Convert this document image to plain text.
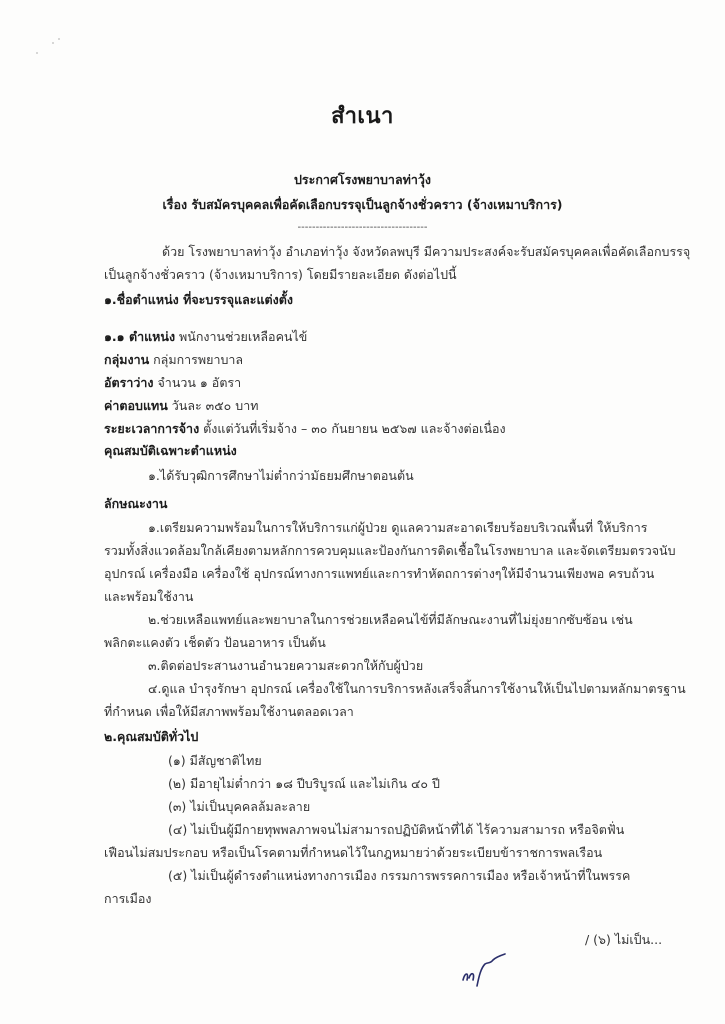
สำเนา
ประกาศโรงพยาบาลท่าวุ้ง
เรื่อง รับสมัครบุคคลเพื่อคัดเลือกบรรจุเป็นลูกจ้างชั่วคราว (จ้างเหมาบริการ)
------------------------------------
ด้วย โรงพยาบาลท่าวุ้ง อำเภอท่าวุ้ง จังหวัดลพบุรี มีความประสงค์จะรับสมัครบุคคลเพื่อคัดเลือกบรรจุ
เป็นลูกจ้างชั่วคราว (จ้างเหมาบริการ) โดยมีรายละเอียด ดังต่อไปนี้
๑.ชื่อตำแหน่ง ที่จะบรรจุและแต่งตั้ง
๑.๑ ตำแหน่ง พนักงานช่วยเหลือคนไข้
กลุ่มงาน กลุ่มการพยาบาล
อัตราว่าง จำนวน ๑ อัตรา
ค่าตอบแทน วันละ ๓๕๐ บาท
ระยะเวลาการจ้าง ตั้งแต่วันที่เริ่มจ้าง – ๓๐ กันยายน ๒๕๖๗ และจ้างต่อเนื่อง
คุณสมบัติเฉพาะตำแหน่ง
๑.ได้รับวุฒิการศึกษาไม่ต่ำกว่ามัธยมศึกษาตอนต้น
ลักษณะงาน
๑.เตรียมความพร้อมในการให้บริการแก่ผู้ป่วย ดูแลความสะอาดเรียบร้อยบริเวณพื้นที่ ให้บริการ
รวมทั้งสิ่งแวดล้อมใกล้เคียงตามหลักการควบคุมและป้องกันการติดเชื้อในโรงพยาบาล และจัดเตรียมตรวจนับ
อุปกรณ์ เครื่องมือ เครื่องใช้ อุปกรณ์ทางการแพทย์และการทำหัตถการต่างๆให้มีจำนวนเพียงพอ ครบถ้วน
และพร้อมใช้งาน
๒.ช่วยเหลือแพทย์และพยาบาลในการช่วยเหลือคนไข้ที่มีลักษณะงานที่ไม่ยุ่งยากซับซ้อน เช่น
พลิกตะแคงตัว เช็ดตัว ป้อนอาหาร เป็นต้น
๓.ติดต่อประสานงานอำนวยความสะดวกให้กับผู้ป่วย
๔.ดูแล บำรุงรักษา อุปกรณ์ เครื่องใช้ในการบริการหลังเสร็จสิ้นการใช้งานให้เป็นไปตามหลักมาตรฐาน
ที่กำหนด เพื่อให้มีสภาพพร้อมใช้งานตลอดเวลา
๒.คุณสมบัติทั่วไป
(๑) มีสัญชาติไทย
(๒) มีอายุไม่ต่ำกว่า ๑๘ ปีบริบูรณ์ และไม่เกิน ๔๐ ปี
(๓) ไม่เป็นบุคคลล้มละลาย
(๔) ไม่เป็นผู้มีกายทุพพลภาพจนไม่สามารถปฏิบัติหน้าที่ได้ ไร้ความสามารถ หรือจิตฟั่น
เฟือนไม่สมประกอบ หรือเป็นโรคตามที่กำหนดไว้ในกฎหมายว่าด้วยระเบียบข้าราชการพลเรือน
(๕) ไม่เป็นผู้ดำรงตำแหน่งทางการเมือง กรรมการพรรคการเมือง หรือเจ้าหน้าที่ในพรรค
การเมือง
/ (๖) ไม่เป็น...
